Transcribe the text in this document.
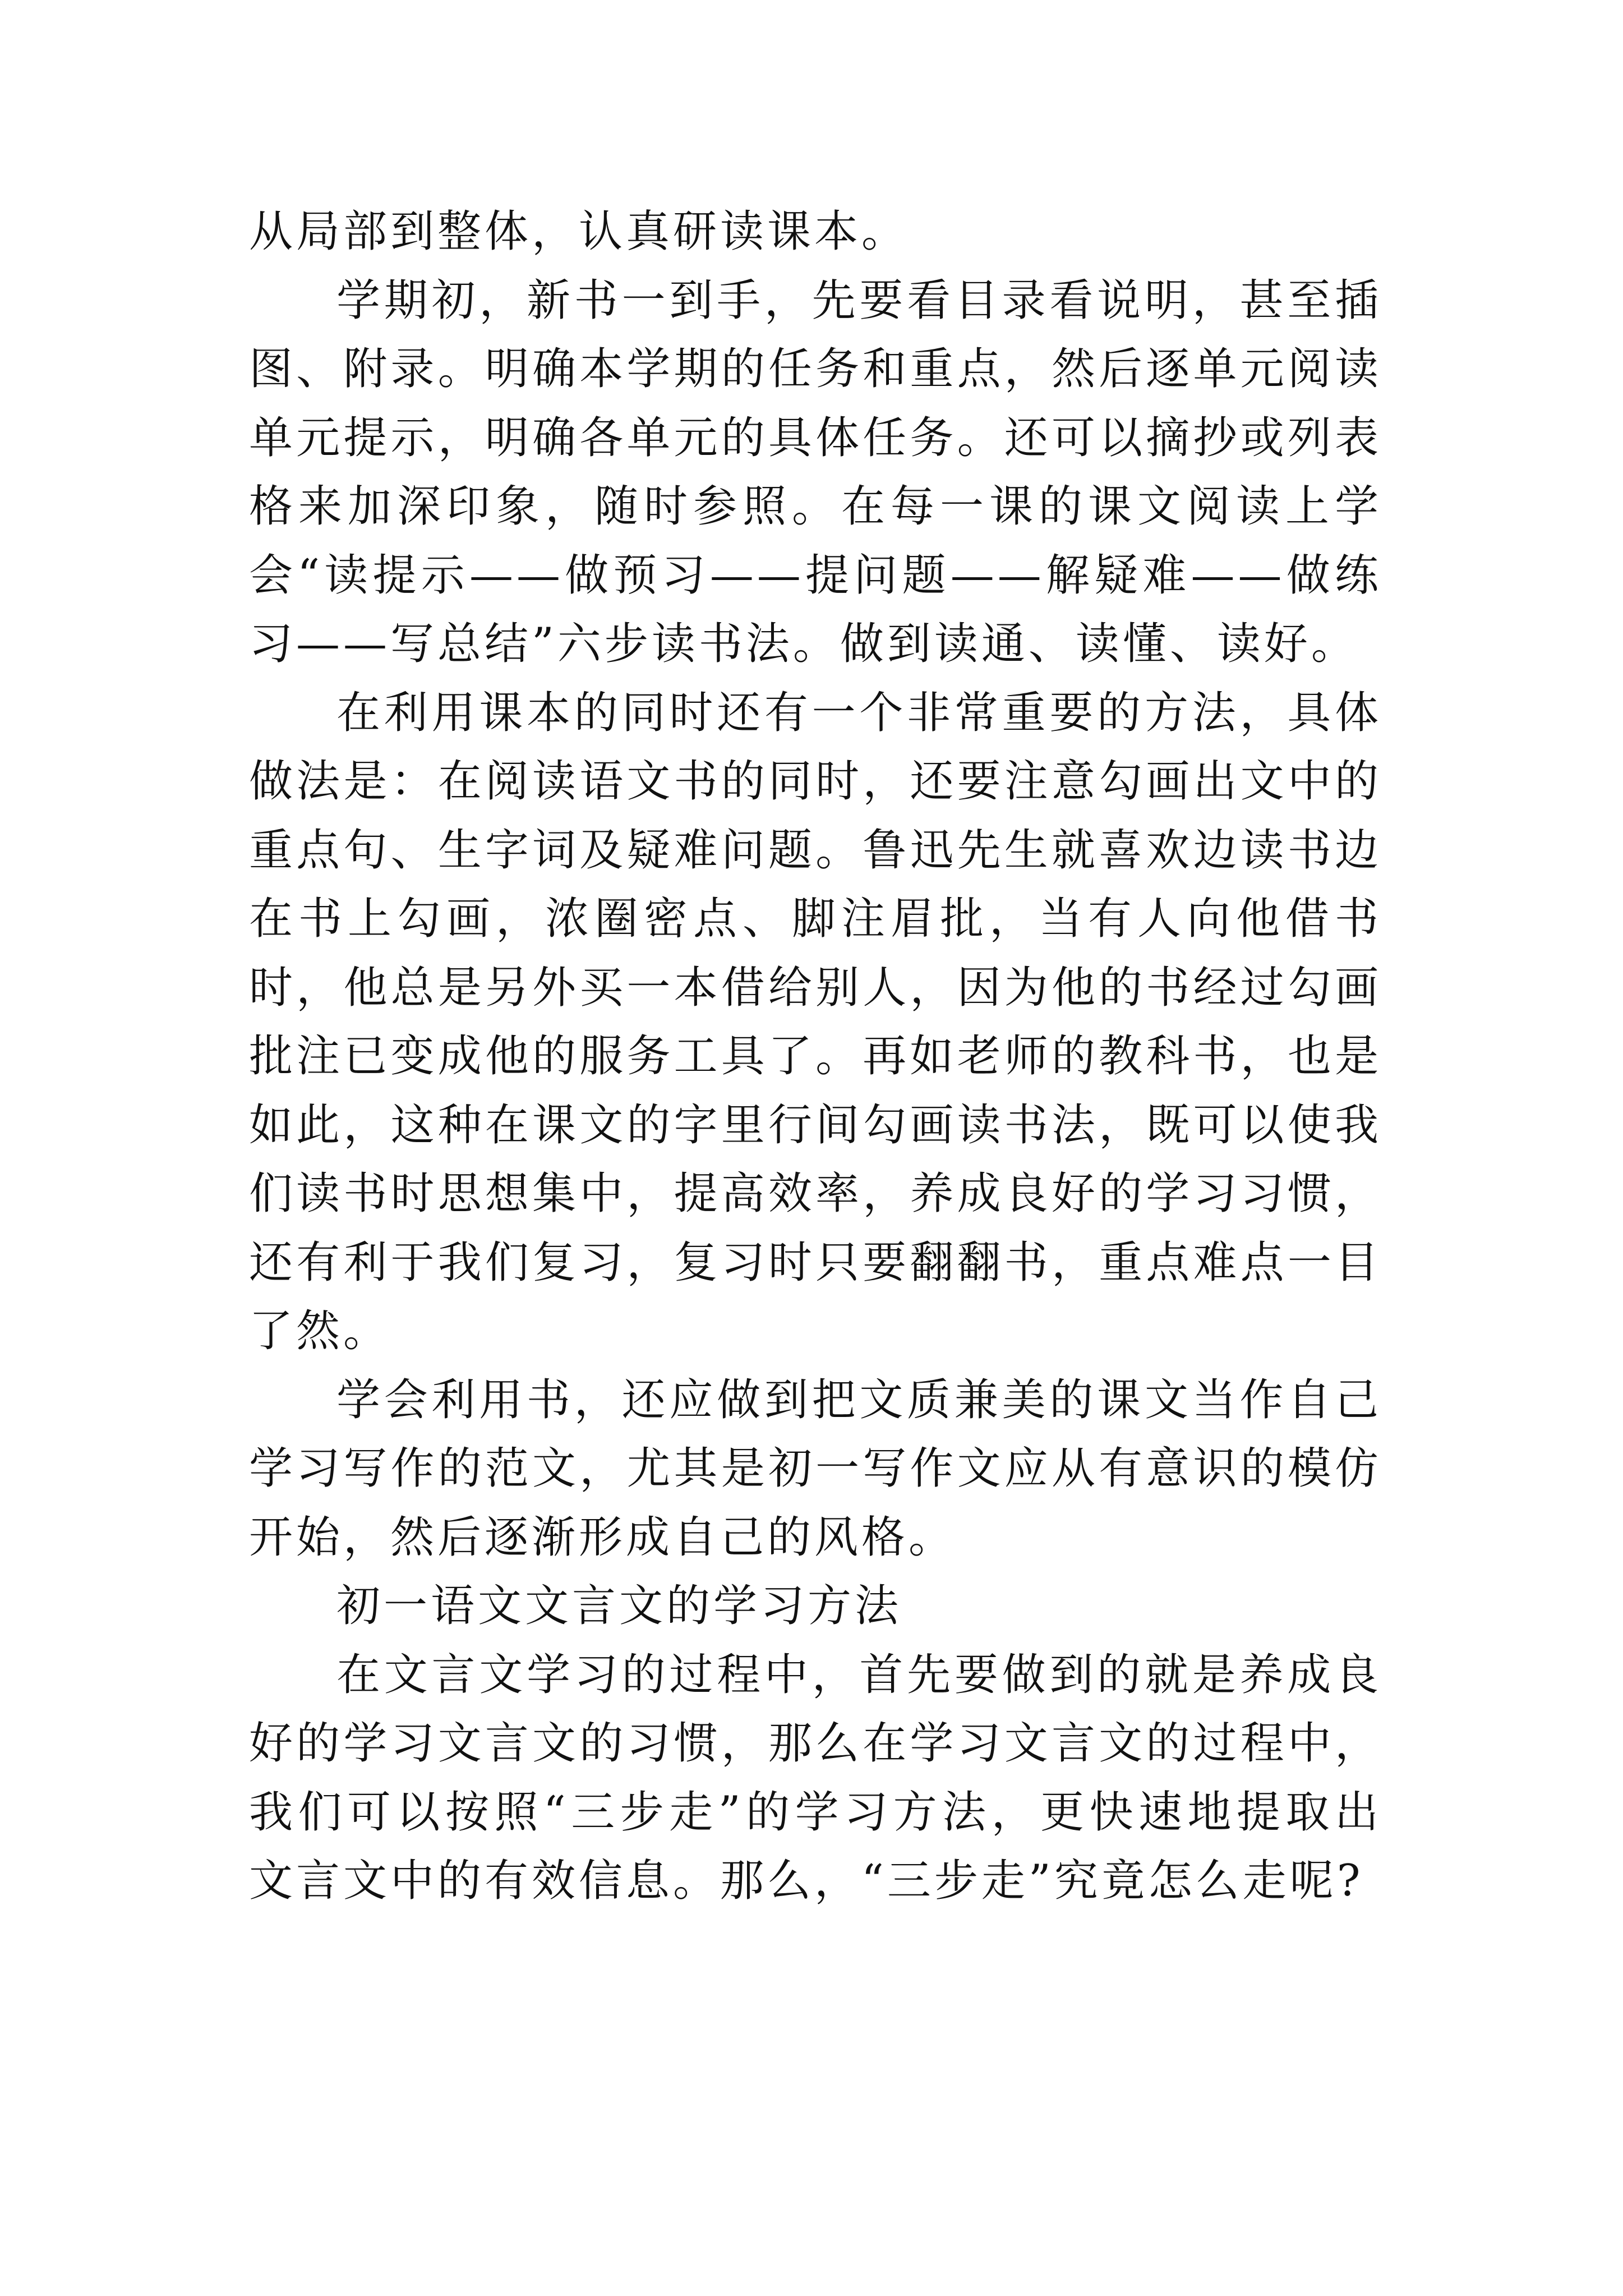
从局部到整体，认真研读课本。

学期初，新书一到手，先要看目录看说明，甚至插图、附录。明确本学期的任务和重点，然后逐单元阅读单元提示，明确各单元的具体任务。还可以摘抄或列表格来加深印象，随时参照。在每一课的课文阅读上学会“读提示——做预习——提问题——解疑难——做练习——写总结”六步读书法。做到读通、读懂、读好。

在利用课本的同时还有一个非常重要的方法，具体做法是：在阅读语文书的同时，还要注意勾画出文中的重点句、生字词及疑难问题。鲁迅先生就喜欢边读书边在书上勾画，浓圈密点、脚注眉批，当有人向他借书时，他总是另外买一本借给别人，因为他的书经过勾画批注已变成他的服务工具了。再如老师的教科书，也是如此，这种在课文的字里行间勾画读书法，既可以使我们读书时思想集中，提高效率，养成良好的学习习惯，还有利于我们复习，复习时只要翻翻书，重点难点一目了然。

学会利用书，还应做到把文质兼美的课文当作自己学习写作的范文，尤其是初一写作文应从有意识的模仿开始，然后逐渐形成自己的风格。

初一语文文言文的学习方法

在文言文学习的过程中，首先要做到的就是养成良好的学习文言文的习惯，那么在学习文言文的过程中，我们可以按照“三步走”的学习方法，更快速地提取出文言文中的有效信息。那么，“三步走”究竟怎么走呢?
